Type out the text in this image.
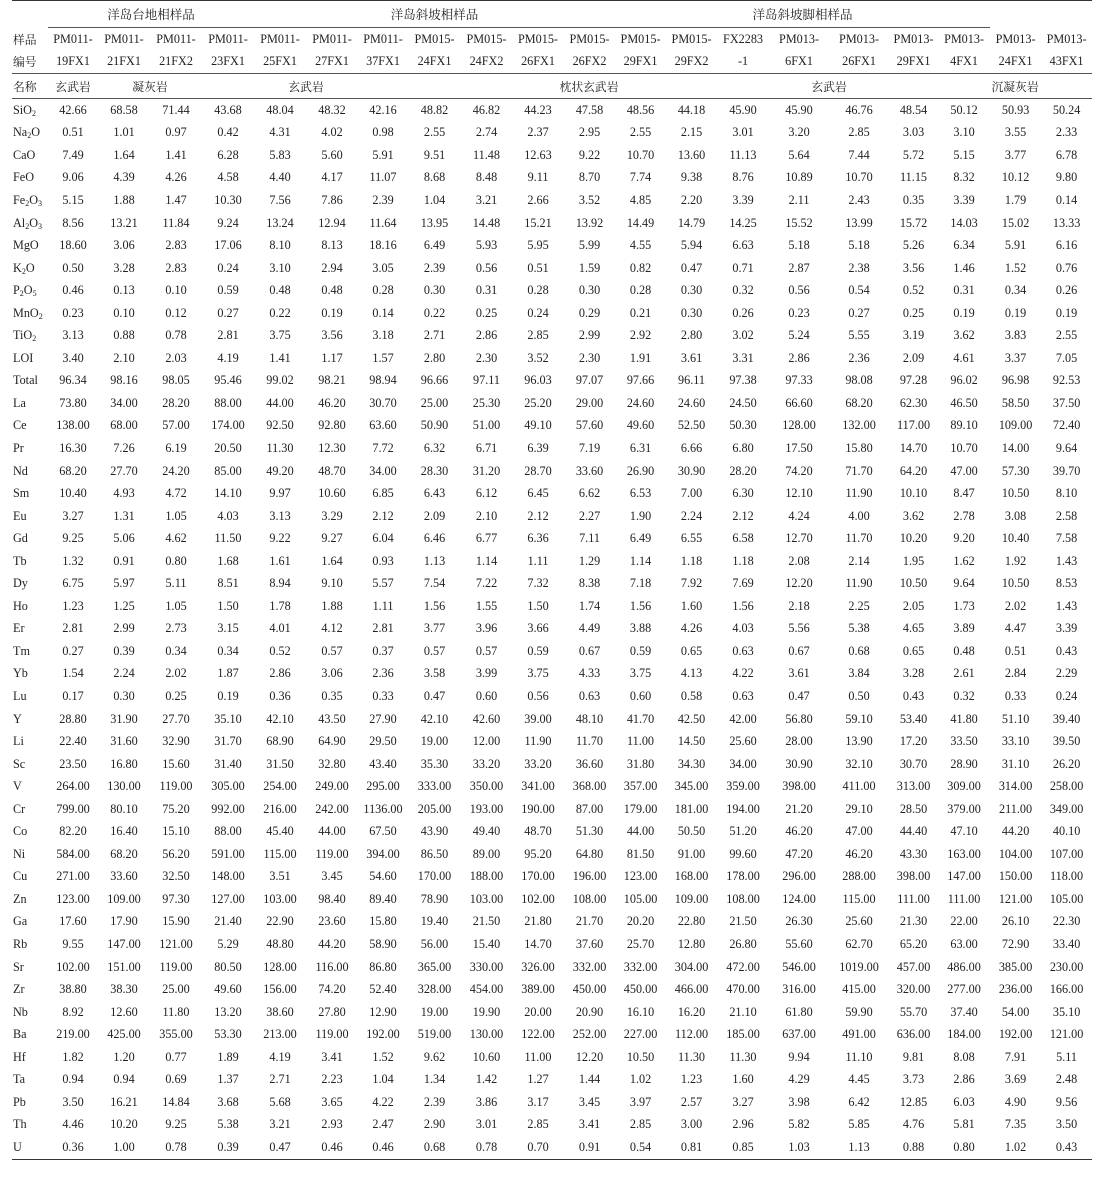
	洋岛台地相样品				洋岛斜坡相样品							洋岛斜坡脚相样品									
样品	PM011-	PM011-	PM011-	PM011-	PM011-	PM011-	PM011-	PM015-	PM015-	PM015-	PM015-	PM015-	PM015-	FX2283	PM013-	PM013-	PM013-	PM013-	PM013-	PM013-	
编号	19FX1	21FX1	21FX2	23FX1	25FX1	27FX1	37FX1	24FX1	24FX2	26FX1	26FX2	29FX1	29FX2	-1	6FX1	26FX1	29FX1	4FX1	24FX1	43FX1	
名称	玄武岩	凝灰岩			玄武岩				枕状玄武岩						玄武岩			沉凝灰岩			
SiO$_2$	42.66	68.58	71.44	43.68	48.04	48.32	42.16	48.82	46.82	44.23	47.58	48.56	44.18	45.90	45.90	46.76	48.54	50.12	50.93	50.24	
$Na_2O$	0.51	1.01	0.97	0.42	4.31	4.02	0.98	2.55	2.74	2.37	2.95	2.55	2.15	3.01	3.20	2.85	3.03	3.10	3.55	2.33	
CaO	7.49	1.64	1.41	6.28	5.83	5.60	5.91	9.51	11.48	12.63	9.22	10.70	13.60	11.13	5.64	7.44	5.72	5.15	3.77	6.78	
FeO	9.06	4.39	4.26	4.58	4.40	4.17	11.07	8.68	8.48	9.11	8.70	7.74	9.38	8.76	10.89	10.70	11.15	8.32	10.12	9.80	
$Fe_2O_3$	5.15	1.88	1.47	10.30	7.56	7.86	2.39	1.04	3.21	2.66	3.52	4.85	2.20	3.39	2.11	2.43	0.35	3.39	1.79	0.14	
$Al_2O_3$	8.56	13.21	11.84	9.24	13.24	12.94	11.64	13.95	14.48	15.21	13.92	14.49	14.79	14.25	15.52	13.99	15.72	14.03	15.02	13.33	
MgO	18.60	3.06	2.83	17.06	8.10	8.13	18.16	6.49	5.93	5.95	5.99	4.55	5.94	6.63	5.18	5.18	5.26	6.34	5.91	6.16	
$K_2O$	0.50	3.28	2.83	0.24	3.10	2.94	3.05	2.39	0.56	0.51	1.59	0.82	0.47	0.71	2.87	2.38	3.56	1.46	1.52	0.76	
$P_2O_5$	0.46	0.13	0.10	0.59	0.48	0.48	0.28	0.30	0.31	0.28	0.30	0.28	0.30	0.32	0.56	0.54	0.52	0.31	0.34	0.26	
MnO$_2$	0.23	0.10	0.12	0.27	0.22	0.19	0.14	0.22	0.25	0.24	0.29	0.21	0.30	0.26	0.23	0.27	0.25	0.19	0.19	0.19	
TiO$_2$	3.13	0.88	0.78	2.81	3.75	3.56	3.18	2.71	2.86	2.85	2.99	2.92	2.80	3.02	5.24	5.55	3.19	3.62	3.83	2.55	
LOI	3.40	2.10	2.03	4.19	1.41	1.17	1.57	2.80	2.30	3.52	2.30	1.91	3.61	3.31	2.86	2.36	2.09	4.61	3.37	7.05	
Total	96.34	98.16	98.05	95.46	99.02	98.21	98.94	96.66	97.11	96.03	97.07	97.66	96.11	97.38	97.33	98.08	97.28	96.02	96.98	92.53	
La	73.80	34.00	28.20	88.00	44.00	46.20	30.70	25.00	25.30	25.20	29.00	24.60	24.60	24.50	66.60	68.20	62.30	46.50	58.50	37.50	
Ce	138.00	68.00	57.00	174.00	92.50	92.80	63.60	50.90	51.00	49.10	57.60	49.60	52.50	50.30	128.00	132.00	117.00	89.10	109.00	72.40	
Pr	16.30	7.26	6.19	20.50	11.30	12.30	7.72	6.32	6.71	6.39	7.19	6.31	6.66	6.80	17.50	15.80	14.70	10.70	14.00	9.64	
Nd	68.20	27.70	24.20	85.00	49.20	48.70	34.00	28.30	31.20	28.70	33.60	26.90	30.90	28.20	74.20	71.70	64.20	47.00	57.30	39.70	
Sm	10.40	4.93	4.72	14.10	9.97	10.60	6.85	6.43	6.12	6.45	6.62	6.53	7.00	6.30	12.10	11.90	10.10	8.47	10.50	8.10	
Eu	3.27	1.31	1.05	4.03	3.13	3.29	2.12	2.09	2.10	2.12	2.27	1.90	2.24	2.12	4.24	4.00	3.62	2.78	3.08	2.58	
Gd	9.25	5.06	4.62	11.50	9.22	9.27	6.04	6.46	6.77	6.36	7.11	6.49	6.55	6.58	12.70	11.70	10.20	9.20	10.40	7.58	
Tb	1.32	0.91	0.80	1.68	1.61	1.64	0.93	1.13	1.14	1.11	1.29	1.14	1.18	1.18	2.08	2.14	1.95	1.62	1.92	1.43	
Dy	6.75	5.97	5.11	8.51	8.94	9.10	5.57	7.54	7.22	7.32	8.38	7.18	7.92	7.69	12.20	11.90	10.50	9.64	10.50	8.53	
Ho	1.23	1.25	1.05	1.50	1.78	1.88	1.11	1.56	1.55	1.50	1.74	1.56	1.60	1.56	2.18	2.25	2.05	1.73	2.02	1.43	
Er	2.81	2.99	2.73	3.15	4.01	4.12	2.81	3.77	3.96	3.66	4.49	3.88	4.26	4.03	5.56	5.38	4.65	3.89	4.47	3.39	
Tm	0.27	0.39	0.34	0.34	0.52	0.57	0.37	0.57	0.57	0.59	0.67	0.59	0.65	0.63	0.67	0.68	0.65	0.48	0.51	0.43	
Yb	1.54	2.24	2.02	1.87	2.86	3.06	2.36	3.58	3.99	3.75	4.33	3.75	4.13	4.22	3.61	3.84	3.28	2.61	2.84	2.29	
Lu	0.17	0.30	0.25	0.19	0.36	0.35	0.33	0.47	0.60	0.56	0.63	0.60	0.58	0.63	0.47	0.50	0.43	0.32	0.33	0.24	
Y	28.80	31.90	27.70	35.10	42.10	43.50	27.90	42.10	42.60	39.00	48.10	41.70	42.50	42.00	56.80	59.10	53.40	41.80	51.10	39.40	
Li	22.40	31.60	32.90	31.70	68.90	64.90	29.50	19.00	12.00	11.90	11.70	11.00	14.50	25.60	28.00	13.90	17.20	33.50	33.10	39.50	
Sc	23.50	16.80	15.60	31.40	31.50	32.80	43.40	35.30	33.20	33.20	36.60	31.80	34.30	34.00	30.90	32.10	30.70	28.90	31.10	26.20	
V	264.00	130.00	119.00	305.00	254.00	249.00	295.00	333.00	350.00	341.00	368.00	357.00	345.00	359.00	398.00	411.00	313.00	309.00	314.00	258.00	
Cr	799.00	80.10	75.20	992.00	216.00	242.00	1136.00	205.00	193.00	190.00	87.00	179.00	181.00	194.00	21.20	29.10	28.50	379.00	211.00	349.00	
Co	82.20	16.40	15.10	88.00	45.40	44.00	67.50	43.90	49.40	48.70	51.30	44.00	50.50	51.20	46.20	47.00	44.40	47.10	44.20	40.10	
Ni	584.00	68.20	56.20	591.00	115.00	119.00	394.00	86.50	89.00	95.20	64.80	81.50	91.00	99.60	47.20	46.20	43.30	163.00	104.00	107.00	
Cu	271.00	33.60	32.50	148.00	3.51	3.45	54.60	170.00	188.00	170.00	196.00	123.00	168.00	178.00	296.00	288.00	398.00	147.00	150.00	118.00	
Zn	123.00	109.00	97.30	127.00	103.00	98.40	89.40	78.90	103.00	102.00	108.00	105.00	109.00	108.00	124.00	115.00	111.00	111.00	121.00	105.00	
Ga	17.60	17.90	15.90	21.40	22.90	23.60	15.80	19.40	21.50	21.80	21.70	20.20	22.80	21.50	26.30	25.60	21.30	22.00	26.10	22.30	
Rb	9.55	147.00	121.00	5.29	48.80	44.20	58.90	56.00	15.40	14.70	37.60	25.70	12.80	26.80	55.60	62.70	65.20	63.00	72.90	33.40	
Sr	102.00	151.00	119.00	80.50	128.00	116.00	86.80	365.00	330.00	326.00	332.00	332.00	304.00	472.00	546.00	1019.00	457.00	486.00	385.00	230.00	
Zr	38.80	38.30	25.00	49.60	156.00	74.20	52.40	328.00	454.00	389.00	450.00	450.00	466.00	470.00	316.00	415.00	320.00	277.00	236.00	166.00	
Nb	8.92	12.60	11.80	13.20	38.60	27.80	12.90	19.00	19.90	20.00	20.90	16.10	16.20	21.10	61.80	59.90	55.70	37.40	54.00	35.10	
Ba	219.00	425.00	355.00	53.30	213.00	119.00	192.00	519.00	130.00	122.00	252.00	227.00	112.00	185.00	637.00	491.00	636.00	184.00	192.00	121.00	
Hf	1.82	1.20	0.77	1.89	4.19	3.41	1.52	9.62	10.60	11.00	12.20	10.50	11.30	11.30	9.94	11.10	9.81	8.08	7.91	5.11	
Ta	0.94	0.94	0.69	1.37	2.71	2.23	1.04	1.34	1.42	1.27	1.44	1.02	1.23	1.60	4.29	4.45	3.73	2.86	3.69	2.48	
Pb	3.50	16.21	14.84	3.68	5.68	3.65	4.22	2.39	3.86	3.17	3.45	3.97	2.57	3.27	3.98	6.42	12.85	6.03	4.90	9.56	
Th	4.46	10.20	9.25	5.38	3.21	2.93	2.47	2.90	3.01	2.85	3.41	2.85	3.00	2.96	5.82	5.85	4.76	5.81	7.35	3.50	
U	0.36	1.00	0.78	0.39	0.47	0.46	0.46	0.68	0.78	0.70	0.91	0.54	0.81	0.85	1.03	1.13	0.88	0.80	1.02	0.43	
